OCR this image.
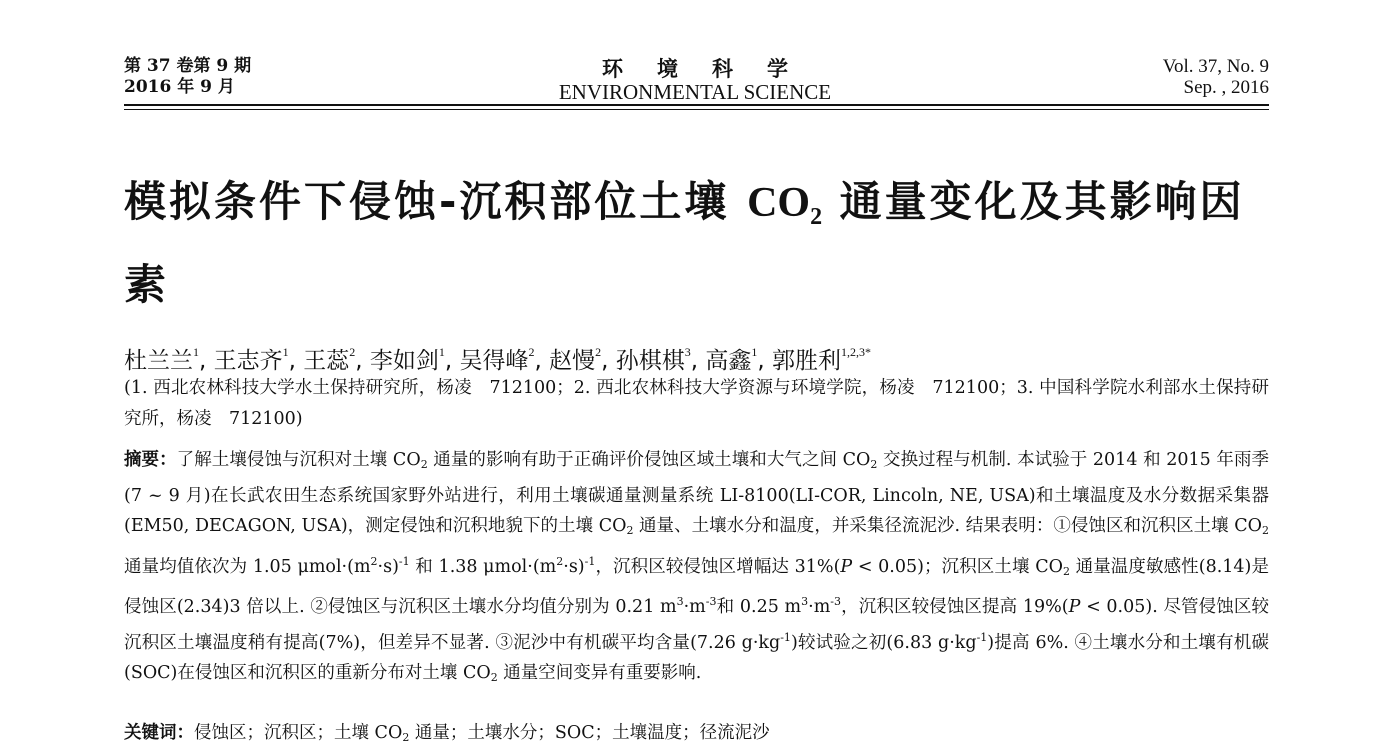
第 37 卷第 9 期
2016 年 9 月
环境科学
ENVIRONMENTAL SCIENCE
Vol. 37, No. 9
Sep. , 2016
模拟条件下侵蚀-沉积部位土壤 $CO_2$ 通量变化及其影响因素
杜兰兰$^1$, 王志齐$^1$, 王蕊$^2$, 李如剑$^1$, 吴得峰$^2$, 赵慢$^2$, 孙棋棋$^3$, 高鑫$^1$, 郭胜利$^{1,2,3*}$
(1. 西北农林科技大学水土保持研究所，杨凌　712100；2. 西北农林科技大学资源与环境学院，杨凌　712100；3. 中国科学院水利部水土保持研究所，杨凌　712100)
摘要：了解土壤侵蚀与沉积对土壤 $CO_2$ 通量的影响有助于正确评价侵蚀区域土壤和大气之间 $CO_2$ 交换过程与机制. 本试验于 2014 和 2015 年雨季(7 ~ 9 月)在长武农田生态系统国家野外站进行，利用土壤碳通量测量系统 LI-8100(LI-COR, Lincoln, NE, USA)和土壤温度及水分数据采集器(EM50, DECAGON, USA)，测定侵蚀和沉积地貌下的土壤 $CO_2$ 通量、土壤水分和温度，并采集径流泥沙. 结果表明：①侵蚀区和沉积区土壤 $CO_2$ 通量均值依次为 1.05 $\mu mol\cdot(m^2\cdot s)^{-1}$ 和 1.38 $\mu mol\cdot(m^2\cdot s)^{-1}$，沉积区较侵蚀区增幅达 31%(P < 0.05)；沉积区土壤 $CO_2$ 通量温度敏感性(8.14)是侵蚀区(2.34)3 倍以上. ②侵蚀区与沉积区土壤水分均值分别为 0.21 $m^3\cdot m^{-3}$和 0.25 $m^3\cdot m^{-3}$，沉积区较侵蚀区提高 19%(P < 0.05). 尽管侵蚀区较沉积区土壤温度稍有提高(7%)，但差异不显著. ③泥沙中有机碳平均含量(7.26 $g\cdot kg^{-1}$)较试验之初(6.83 $g\cdot kg^{-1}$)提高 6%. ④土壤水分和土壤有机碳(SOC)在侵蚀区和沉积区的重新分布对土壤 $CO_2$ 通量空间变异有重要影响.
关键词：侵蚀区；沉积区；土壤 $CO_2$ 通量；土壤水分；SOC；土壤温度；径流泥沙
